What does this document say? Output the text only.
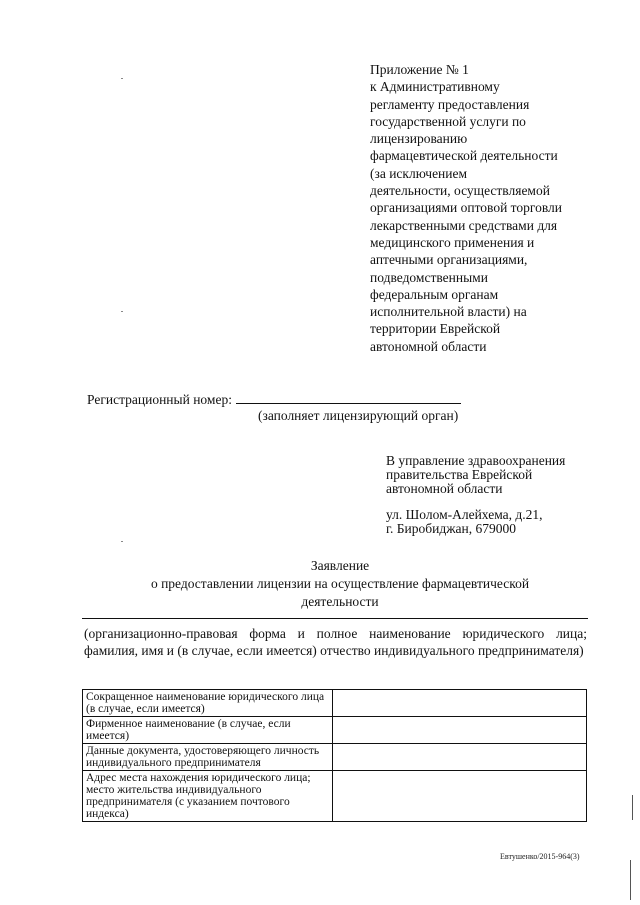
Приложение № 1
к Административному
регламенту предоставления
государственной услуги по
лицензированию
фармацевтической деятельности
(за исключением
деятельности, осуществляемой
организациями оптовой торговли
лекарственными средствами для
медицинского применения и
аптечными организациями,
подведомственными
федеральным органам
исполнительной власти) на
территории Еврейской
автономной области
Регистрационный номер:
(заполняет лицензирующий орган)
В управление здравоохранения
правительства Еврейской
автономной области
ул. Шолом-Алейхема, д.21,
г. Биробиджан, 679000
Заявление
о предоставлении лицензии на осуществление фармацевтической
деятельности
(организационно-правовая форма и полное наименование юридического лица; фамилия, имя и (в случае, если имеется) отчество индивидуального предпринимателя)
Сокращенное наименование юридического лица (в случае, если имеется)	
Фирменное наименование (в случае, если имеется)	
Данные документа, удостоверяющего личность индивидуального предпринимателя	
Адрес места нахождения юридического лица; место жительства индивидуального предпринимателя (с указанием почтового индекса)	
Евтушенко/2015-964(3)
